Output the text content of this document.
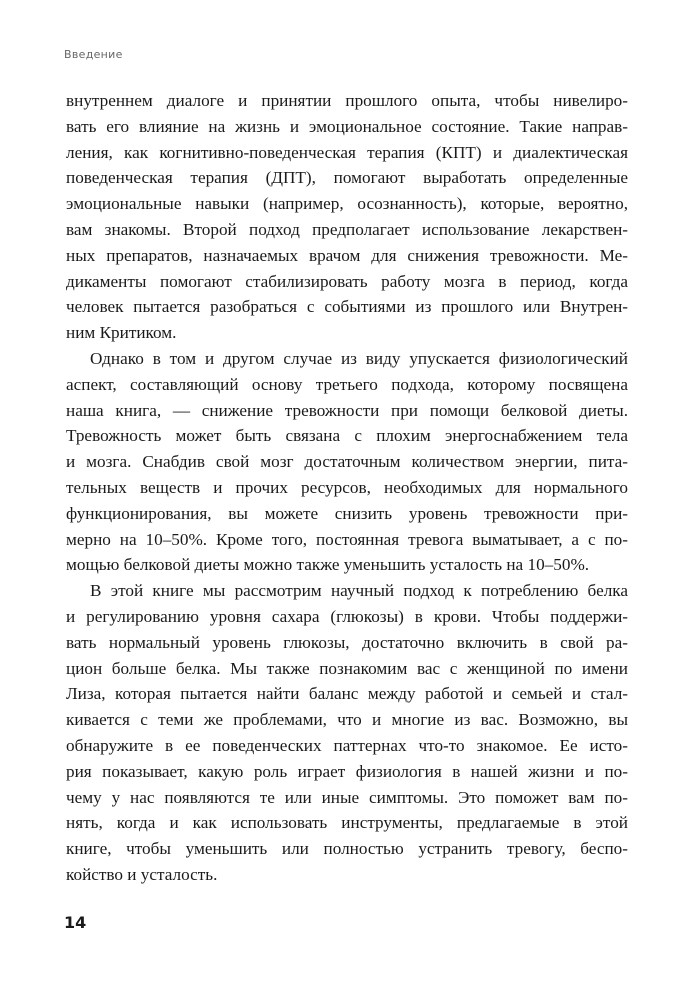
Введение
внутреннем диалоге и принятии прошлого опыта, чтобы нивелиро-
вать его влияние на жизнь и эмоциональное состояние. Такие направ-
ления, как когнитивно-поведенческая терапия (КПТ) и диалектическая
поведенческая терапия (ДПТ), помогают выработать определенные
эмоциональные навыки (например, осознанность), которые, вероятно,
вам знакомы. Второй подход предполагает использование лекарствен-
ных препаратов, назначаемых врачом для снижения тревожности. Ме-
дикаменты помогают стабилизировать работу мозга в период, когда
человек пытается разобраться с событиями из прошлого или Внутрен-
ним Критиком.
Однако в том и другом случае из виду упускается физиологический
аспект, составляющий основу третьего подхода, которому посвящена
наша книга, — снижение тревожности при помощи белковой диеты.
Тревожность может быть связана с плохим энергоснабжением тела
и мозга. Снабдив свой мозг достаточным количеством энергии, пита-
тельных веществ и прочих ресурсов, необходимых для нормального
функционирования, вы можете снизить уровень тревожности при-
мерно на 10–50%. Кроме того, постоянная тревога выматывает, а с по-
мощью белковой диеты можно также уменьшить усталость на 10–50%.
В этой книге мы рассмотрим научный подход к потреблению белка
и регулированию уровня сахара (глюкозы) в крови. Чтобы поддержи-
вать нормальный уровень глюкозы, достаточно включить в свой ра-
цион больше белка. Мы также познакомим вас с женщиной по имени
Лиза, которая пытается найти баланс между работой и семьей и стал-
кивается с теми же проблемами, что и многие из вас. Возможно, вы
обнаружите в ее поведенческих паттернах что-то знакомое. Ее исто-
рия показывает, какую роль играет физиология в нашей жизни и по-
чему у нас появляются те или иные симптомы. Это поможет вам по-
нять, когда и как использовать инструменты, предлагаемые в этой
книге, чтобы уменьшить или полностью устранить тревогу, беспо-
койство и усталость.
14
